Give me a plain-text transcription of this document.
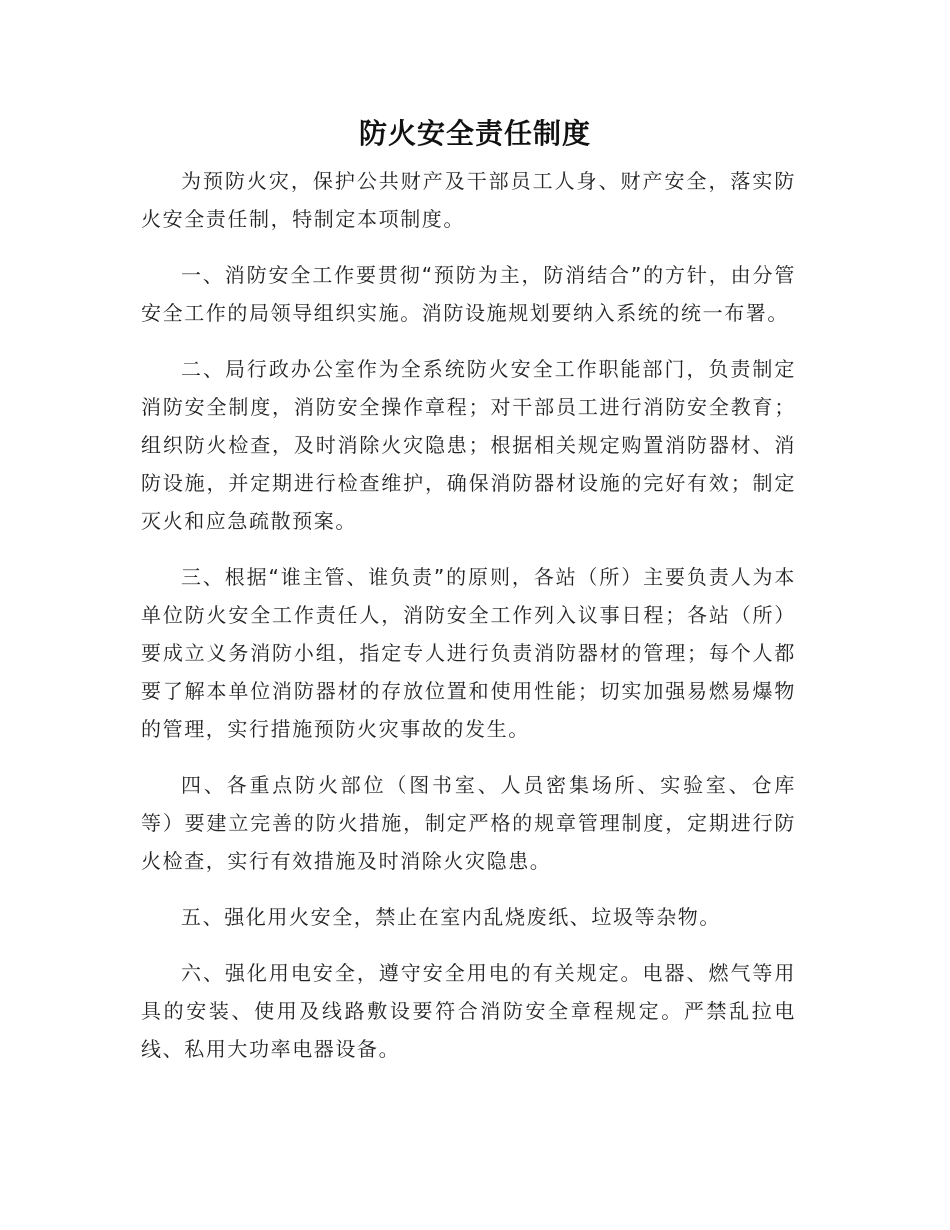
防火安全责任制度

为预防火灾，保护公共财产及干部员工人身、财产安全，落实防火安全责任制，特制定本项制度。

一、消防安全工作要贯彻“预防为主，防消结合”的方针，由分管安全工作的局领导组织实施。消防设施规划要纳入系统的统一布署。

二、局行政办公室作为全系统防火安全工作职能部门，负责制定消防安全制度，消防安全操作章程；对干部员工进行消防安全教育；组织防火检查，及时消除火灾隐患；根据相关规定购置消防器材、消防设施，并定期进行检查维护，确保消防器材设施的完好有效；制定灭火和应急疏散预案。

三、根据“谁主管、谁负责”的原则，各站（所）主要负责人为本单位防火安全工作责任人，消防安全工作列入议事日程；各站（所）要成立义务消防小组，指定专人进行负责消防器材的管理；每个人都要了解本单位消防器材的存放位置和使用性能；切实加强易燃易爆物的管理，实行措施预防火灾事故的发生。

四、各重点防火部位（图书室、人员密集场所、实验室、仓库等）要建立完善的防火措施，制定严格的规章管理制度，定期进行防火检查，实行有效措施及时消除火灾隐患。

五、强化用火安全，禁止在室内乱烧废纸、垃圾等杂物。

六、强化用电安全，遵守安全用电的有关规定。电器、燃气等用具的安装、使用及线路敷设要符合消防安全章程规定。严禁乱拉电线、私用大功率电器设备。
